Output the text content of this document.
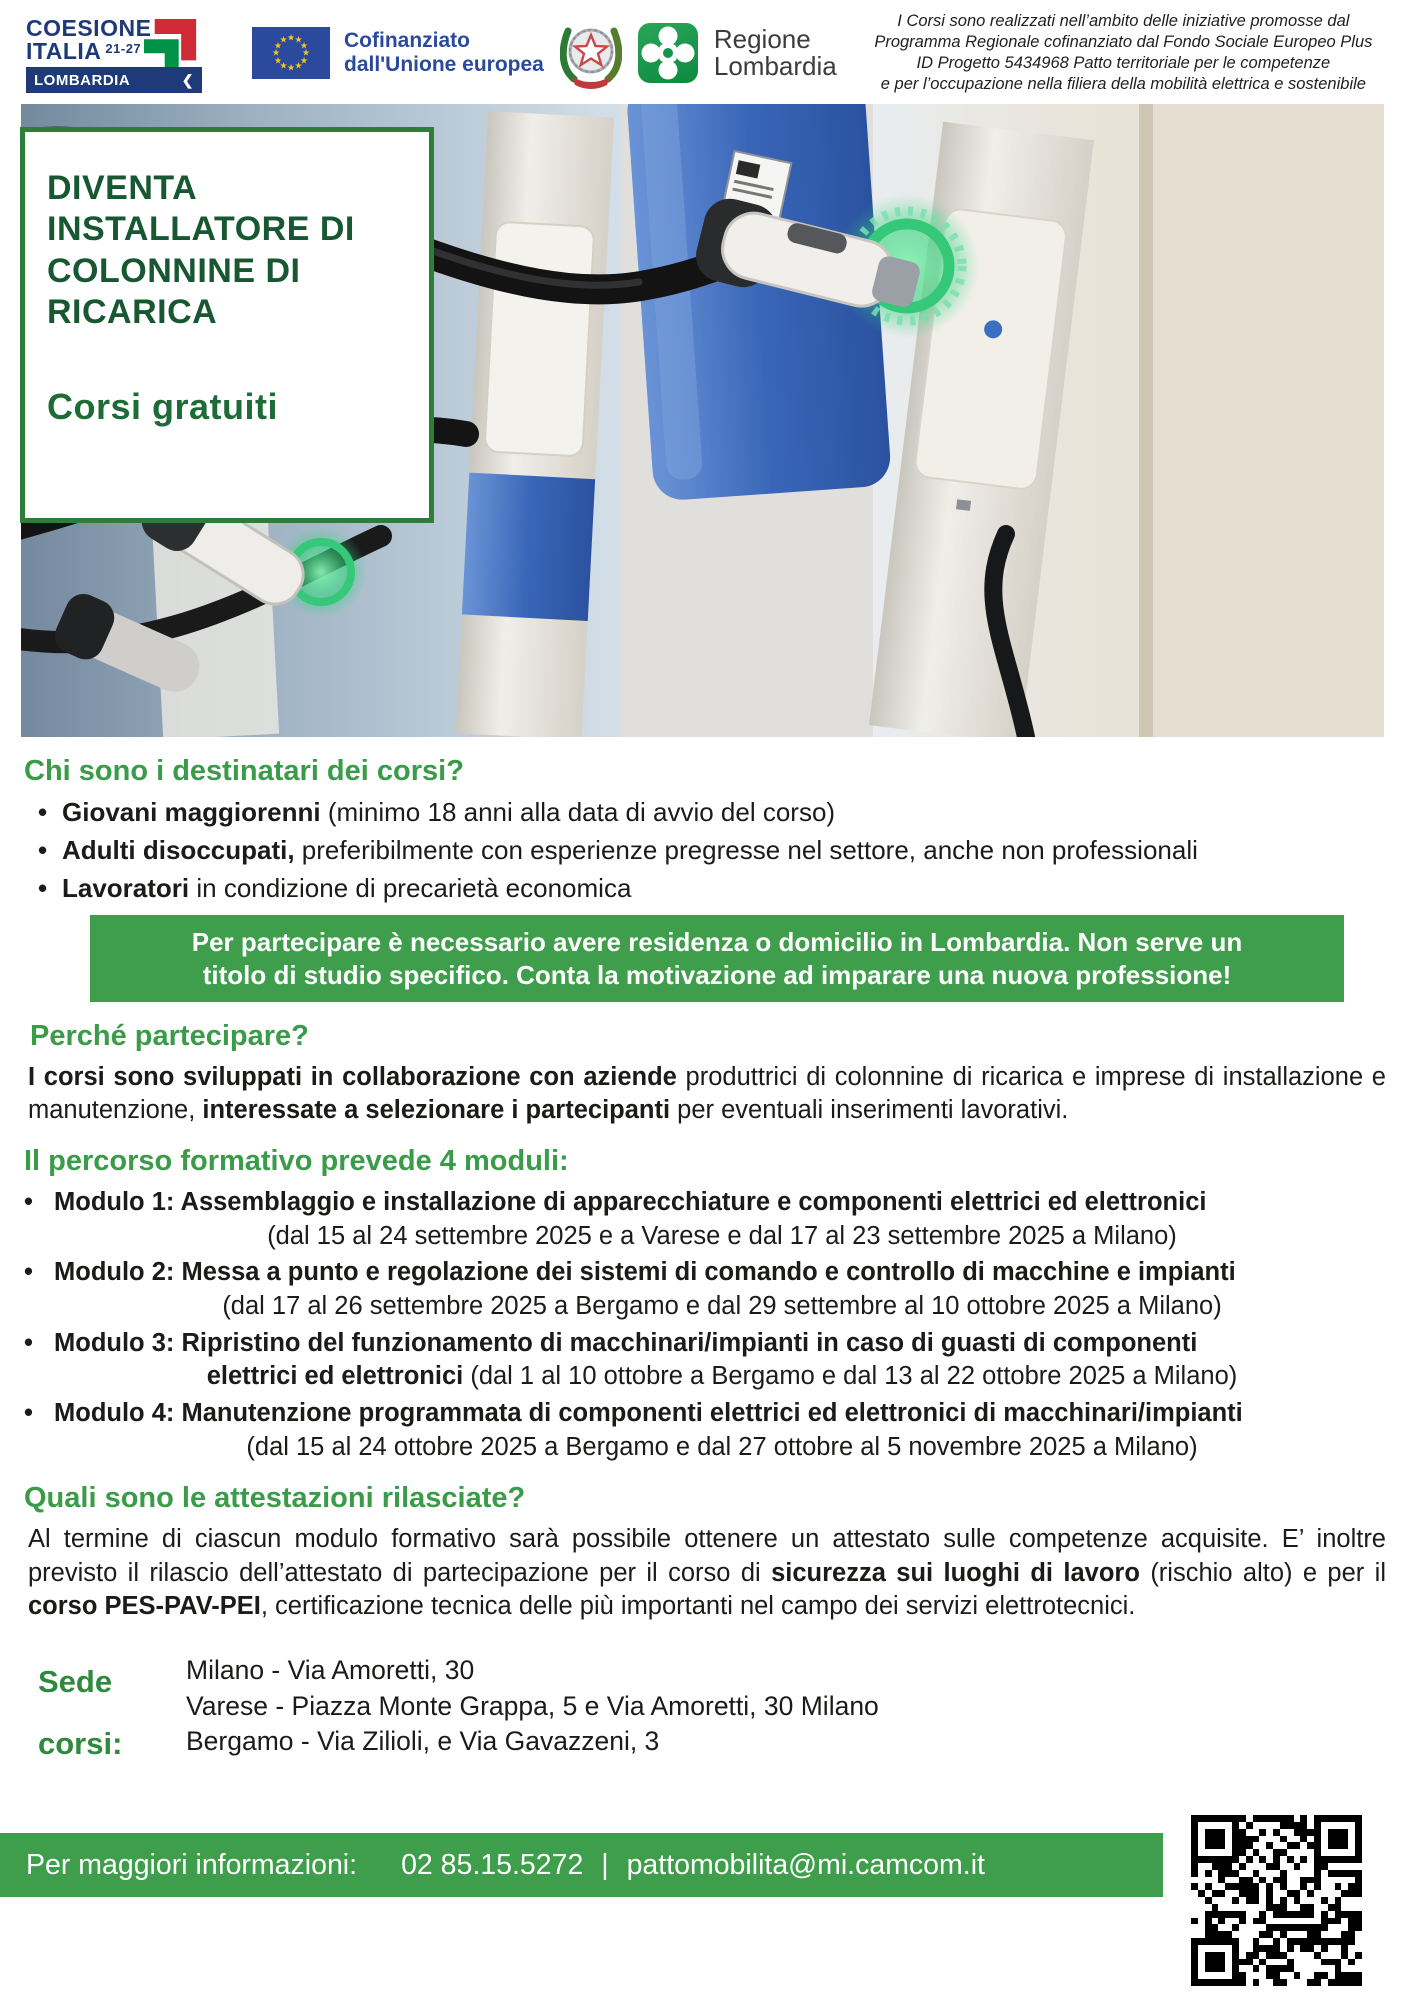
COESIONE
ITALIA $^{21-27}$
LOMBARDIA	❮
★ ★
★
★
★
★
★
★
★
★
★
★	Cofinanziato
dall'Unione europea
Regione
Lombardia
I Corsi sono realizzati nell’ambito delle iniziative promosse dal
Programma Regionale cofinanziato dal Fondo Sociale Europeo Plus
ID Progetto 5434968 Patto territoriale per le competenze
e per l’occupazione nella filiera della mobilità elettrica e sostenibile
DIVENTA
INSTALLATORE DI
COLONNINE DI
RICARICA
Corsi gratuiti
Chi sono i destinatari dei corsi?
• Giovani maggiorenni (minimo 18 anni alla data di avvio del corso)
• Adulti disoccupati, preferibilmente con esperienze pregresse nel settore, anche non professionali
• Lavoratori in condizione di precarietà economica
Per partecipare è necessario avere residenza o domicilio in Lombardia. Non serve un
titolo di studio specifico. Conta la motivazione ad imparare una nuova professione!
Perché partecipare?

I corsi sono sviluppati in collaborazione con aziende produttrici di colonnine di ricarica e imprese di installazione e manutenzione, interessate a selezionare i partecipanti per eventuali inserimenti lavorativi.

Il percorso formativo prevede 4 moduli:
• Modulo 1: Assemblaggio e installazione di apparecchiature e componenti elettrici ed elettronici
(dal 15 al 24 settembre 2025 e a Varese e dal 17 al 23 settembre 2025 a Milano)
• Modulo 2: Messa a punto e regolazione dei sistemi di comando e controllo di macchine e impianti
(dal 17 al 26 settembre 2025 a Bergamo e dal 29 settembre al 10 ottobre 2025 a Milano)
• Modulo 3: Ripristino del funzionamento di macchinari/impianti in caso di guasti di componenti
elettrici ed elettronici (dal 1 al 10 ottobre a Bergamo e dal 13 al 22 ottobre 2025 a Milano)
• Modulo 4: Manutenzione programmata di componenti elettrici ed elettronici di macchinari/impianti
(dal 15 al 24 ottobre 2025 a Bergamo e dal 27 ottobre al 5 novembre 2025 a Milano)
Quali sono le attestazioni rilasciate?

Al termine di ciascun modulo formativo sarà possibile ottenere un attestato sulle competenze acquisite. E’ inoltre previsto il rilascio dell’attestato di partecipazione per il corso di sicurezza sui luoghi di lavoro (rischio alto) e per il corso PES-PAV-PEI, certificazione tecnica delle più importanti nel campo dei servizi elettrotecnici.

Sede
corsi:
Milano - Via Amoretti, 30
Varese - Piazza Monte Grappa, 5 e Via Amoretti, 30 Milano
Bergamo - Via Zilioli, e Via Gavazzeni, 3
Per maggiori informazioni: 02 85.15.5272 | pattomobilita@mi.camcom.it
